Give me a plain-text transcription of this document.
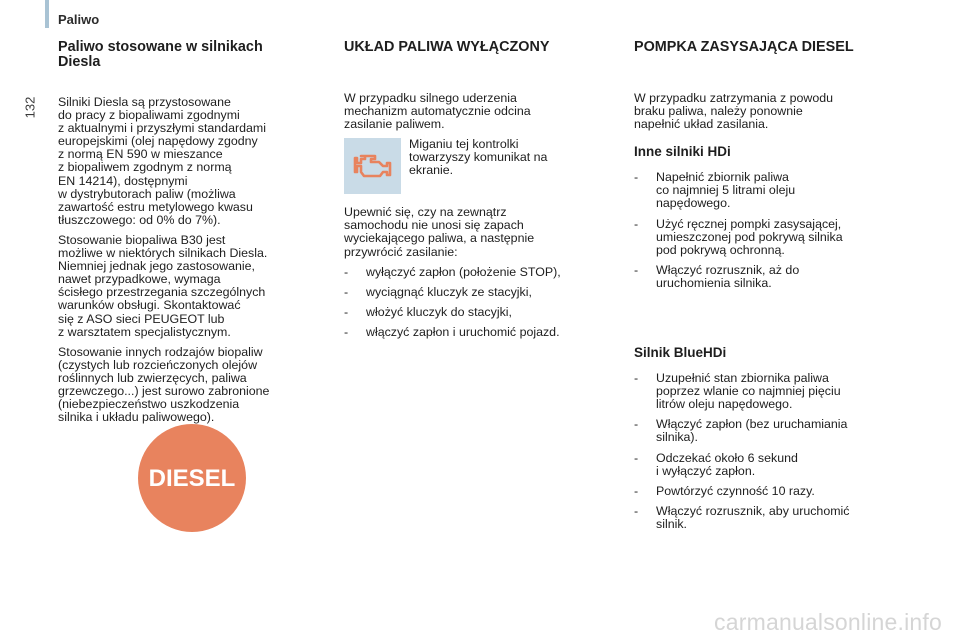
Paliwo
132
Paliwo stosowane w silnikach
Diesla

Silniki Diesla są przystosowane
do pracy z biopaliwami zgodnymi
z aktualnymi i przyszłymi standardami
europejskimi (olej napędowy zgodny
z normą EN 590 w mieszance
z biopaliwem zgodnym z normą
EN 14214), dostępnymi
w dystrybutorach paliw (możliwa
zawartość estru metylowego kwasu
tłuszczowego: od 0% do 7%).

Stosowanie biopaliwa B30 jest
możliwe w niektórych silnikach Diesla.
Niemniej jednak jego zastosowanie,
nawet przypadkowe, wymaga
ścisłego przestrzegania szczególnych
warunków obsługi. Skontaktować
się z ASO sieci PEUGEOT lub
z warsztatem specjalistycznym.

Stosowanie innych rodzajów biopaliw
(czystych lub rozcieńczonych olejów
roślinnych lub zwierzęcych, paliwa
grzewczego...) jest surowo zabronione
(niebezpieczeństwo uszkodzenia
silnika i układu paliwowego).

DIESEL
UKŁAD PALIWA WYŁĄCZONY

W przypadku silnego uderzenia
mechanizm automatycznie odcina
zasilanie paliwem.

Miganiu tej kontrolki
towarzyszy komunikat na
ekranie.

Upewnić się, czy na zewnątrz
samochodu nie unosi się zapach
wyciekającego paliwa, a następnie
przywrócić zasilanie:

- wyłączyć zapłon (położenie STOP),
- wyciągnąć kluczyk ze stacyjki,
- włożyć kluczyk do stacyjki,
- włączyć zapłon i uruchomić pojazd.
POMPKA ZASYSAJĄCA DIESEL

W przypadku zatrzymania z powodu
braku paliwa, należy ponownie
napełnić układ zasilania.

Inne silniki HDi
- Napełnić zbiornik paliwa
co najmniej 5 litrami oleju
napędowego.
- Użyć ręcznej pompki zasysającej,
umieszczonej pod pokrywą silnika
pod pokrywą ochronną.
- Włączyć rozrusznik, aż do
uruchomienia silnika.
Silnik BlueHDi
- Uzupełnić stan zbiornika paliwa
poprzez wlanie co najmniej pięciu
litrów oleju napędowego.
- Włączyć zapłon (bez uruchamiania
silnika).
- Odczekać około 6 sekund
i wyłączyć zapłon.
- Powtórzyć czynność 10 razy.
- Włączyć rozrusznik, aby uruchomić
silnik.
carmanualsonline.info
